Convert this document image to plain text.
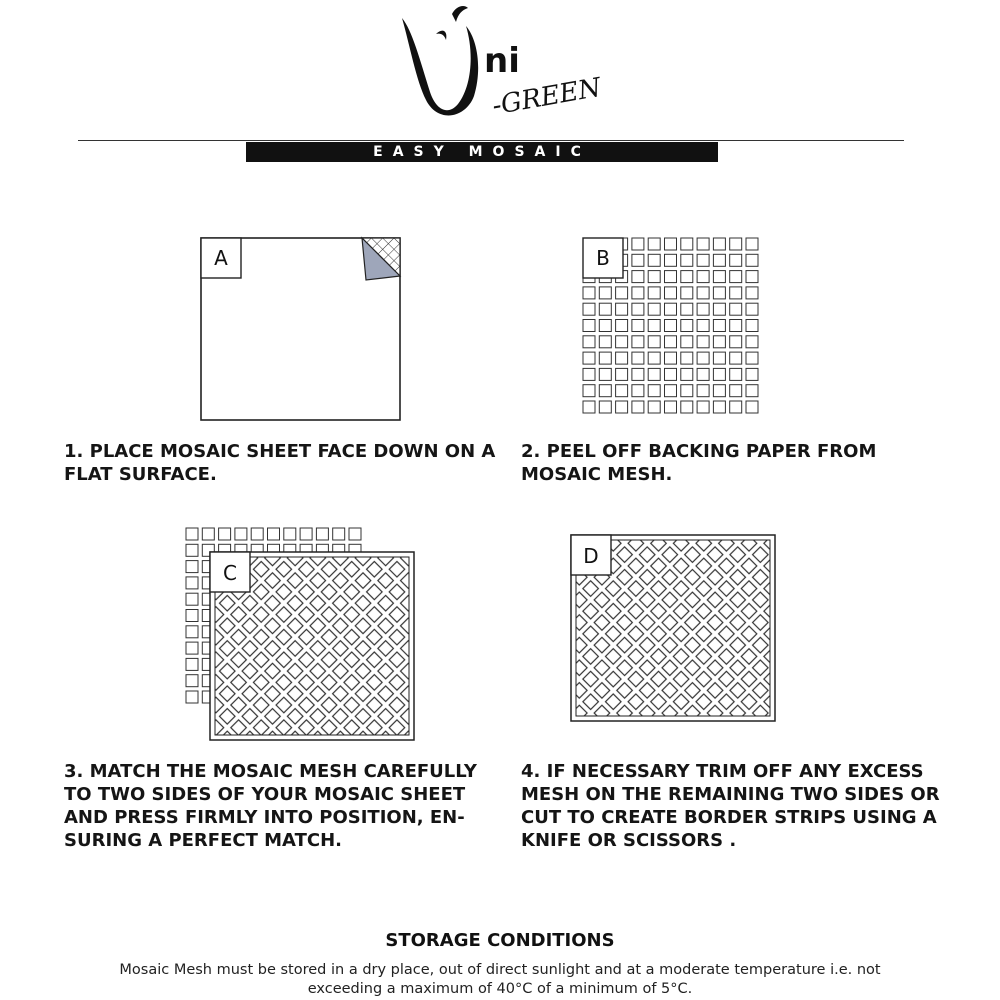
ni
-GREEN
EASY MOSAIC
A	B
C
D
1. PLACE MOSAIC SHEET FACE DOWN ON A
FLAT SURFACE.
2. PEEL OFF BACKING PAPER FROM
MOSAIC MESH.
3. MATCH THE MOSAIC MESH CAREFULLY
TO TWO SIDES OF YOUR MOSAIC SHEET
AND PRESS FIRMLY INTO POSITION, EN-
SURING A PERFECT MATCH.
4. IF NECESSARY TRIM OFF ANY EXCESS
MESH ON THE REMAINING TWO SIDES OR
CUT TO CREATE BORDER STRIPS USING A
KNIFE OR SCISSORS .
STORAGE CONDITIONS
Mosaic Mesh must be stored in a dry place, out of direct sunlight and at a moderate temperature i.e. not exceeding a maximum of 40°C of a minimum of 5°C.
